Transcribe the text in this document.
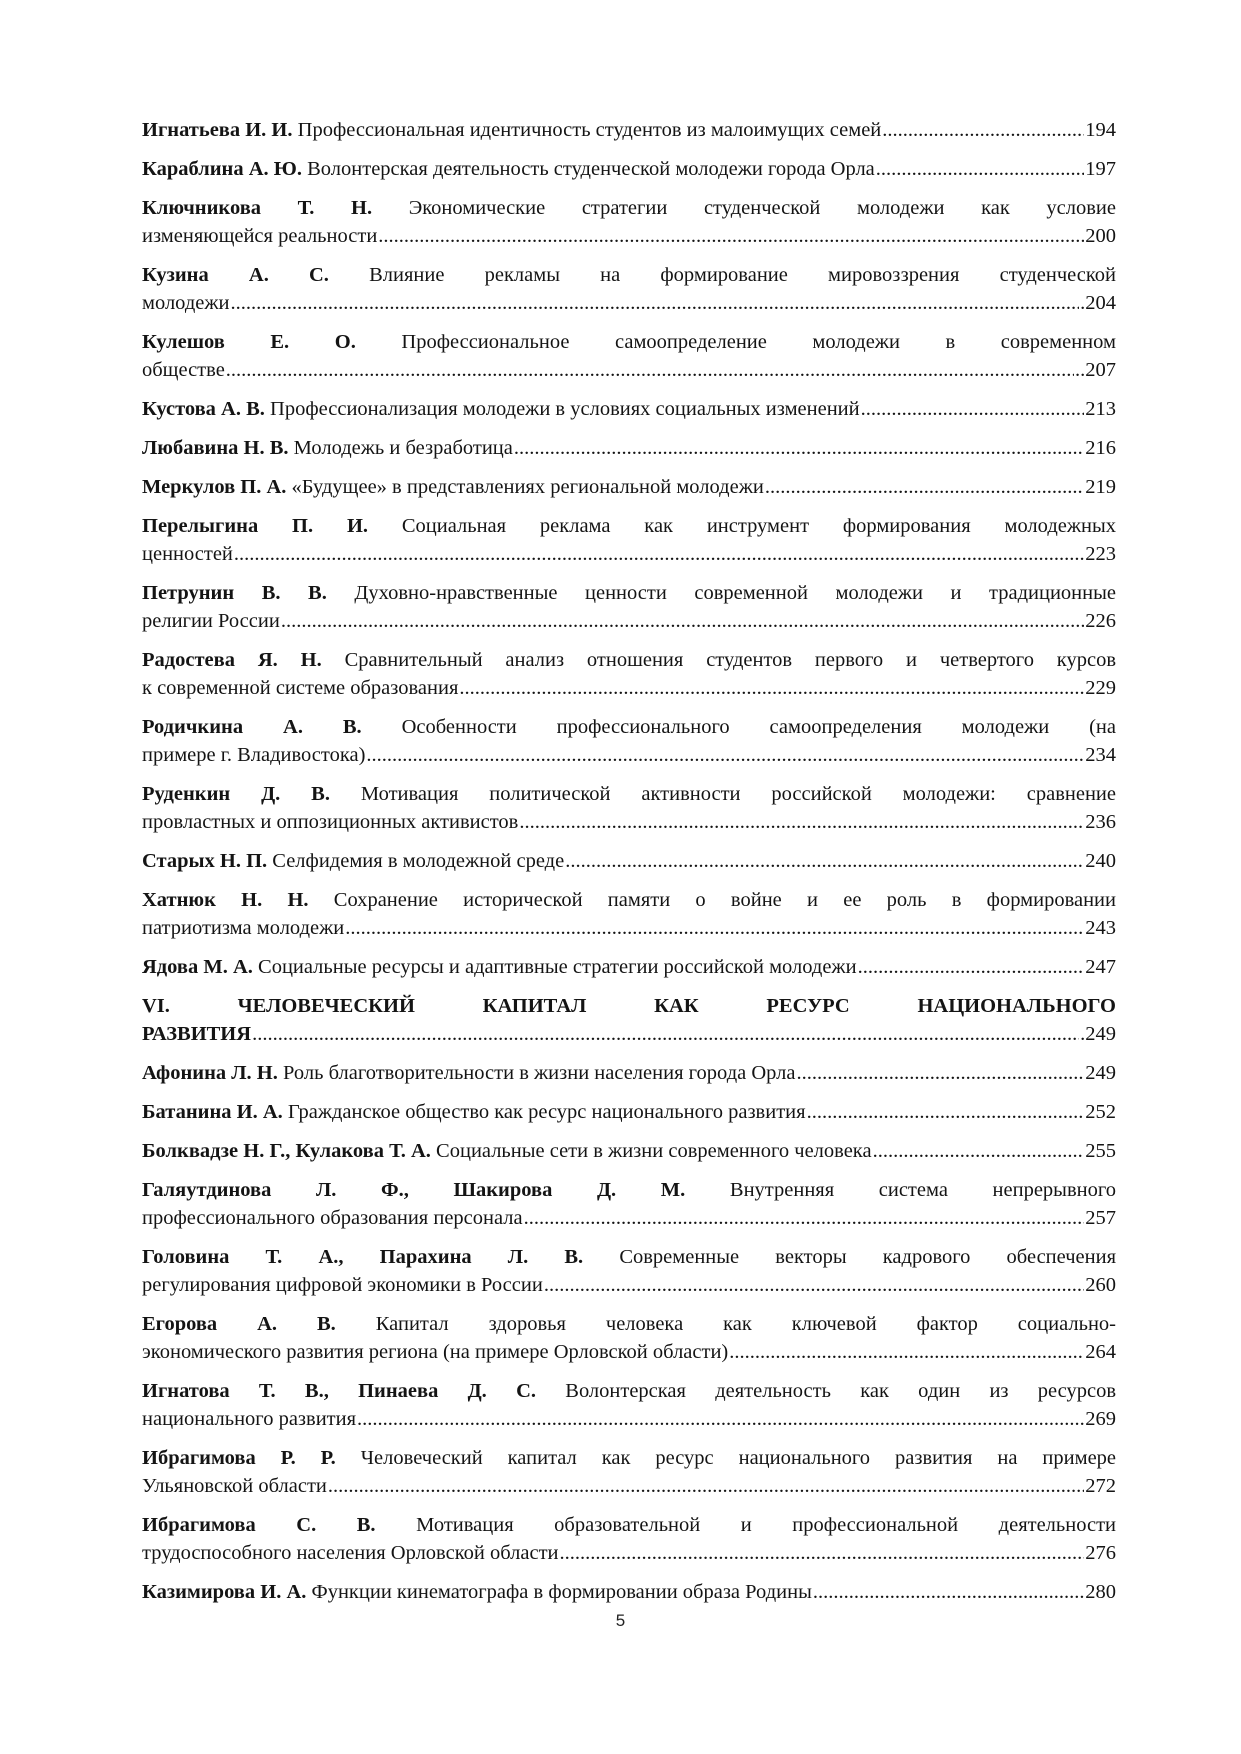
Игнатьева И. И. Профессиональная идентичность студентов из малоимущих семей .....	194
Караблина А. Ю. Волонтерская деятельность студенческой молодежи города Орла .....	197
Ключникова Т. Н. Экономические стратегии студенческой молодежи как условие
изменяющейся реальности .....	200
Кузина А. С. Влияние рекламы на формирование мировоззрения студенческой
молодежи .....	.204
Кулешов Е. О. Профессиональное самоопределение молодежи в современном
обществе .....	..207
Кустова А. В. Профессионализация молодежи в условиях социальных изменений .....	213
Любавина Н. В. Молодежь и безработица .....	216
Меркулов П. А. «Будущее» в представлениях региональной молодежи .....	219
Перелыгина П. И. Социальная реклама как инструмент формирования молодежных
ценностей .....	223
Петрунин В. В. Духовно-нравственные ценности современной молодежи и традиционные
религии России .....	226
Радостева Я. Н. Сравнительный анализ отношения студентов первого и четвертого курсов
к современной системе образования .....	229
Родичкина А. В. Особенности профессионального самоопределения молодежи (на
примере г. Владивостока) .....	234
Руденкин Д. В. Мотивация политической активности российской молодежи: сравнение
провластных и оппозиционных активистов .....	236
Старых Н. П. Селфидемия в молодежной среде .....	240
Хатнюк Н. Н. Сохранение исторической памяти о войне и ее роль в формировании
патриотизма молодежи .....	243
Ядова М. А. Социальные ресурсы и адаптивные стратегии российской молодежи .....	247
VI. ЧЕЛОВЕЧЕСКИЙ КАПИТАЛ КАК РЕСУРС НАЦИОНАЛЬНОГО
РАЗВИТИЯ .....	.249
Афонина Л. Н. Роль благотворительности в жизни населения города Орла .....	249
Батанина И. А. Гражданское общество как ресурс национального развития .....	252
Болквадзе Н. Г., Кулакова Т. А. Социальные сети в жизни современного человека .....	255
Галяутдинова Л. Ф., Шакирова Д. М. Внутренняя система непрерывного
профессионального образования персонала .....	257
Головина Т. А., Парахина Л. В. Современные векторы кадрового обеспечения
регулирования цифровой экономики в России .....	260
Егорова А. В. Капитал здоровья человека как ключевой фактор социально-
экономического развития региона (на примере Орловской области) .....	264
Игнатова Т. В., Пинаева Д. С. Волонтерская деятельность как один из ресурсов
национального развития .....	269
Ибрагимова Р. Р. Человеческий капитал как ресурс национального развития на примере
Ульяновской области .....	272
Ибрагимова С. В. Мотивация образовательной и профессиональной деятельности
трудоспособного населения Орловской области .....	276
Казимирова И. А. Функции кинематографа в формировании образа Родины .....	280
5
